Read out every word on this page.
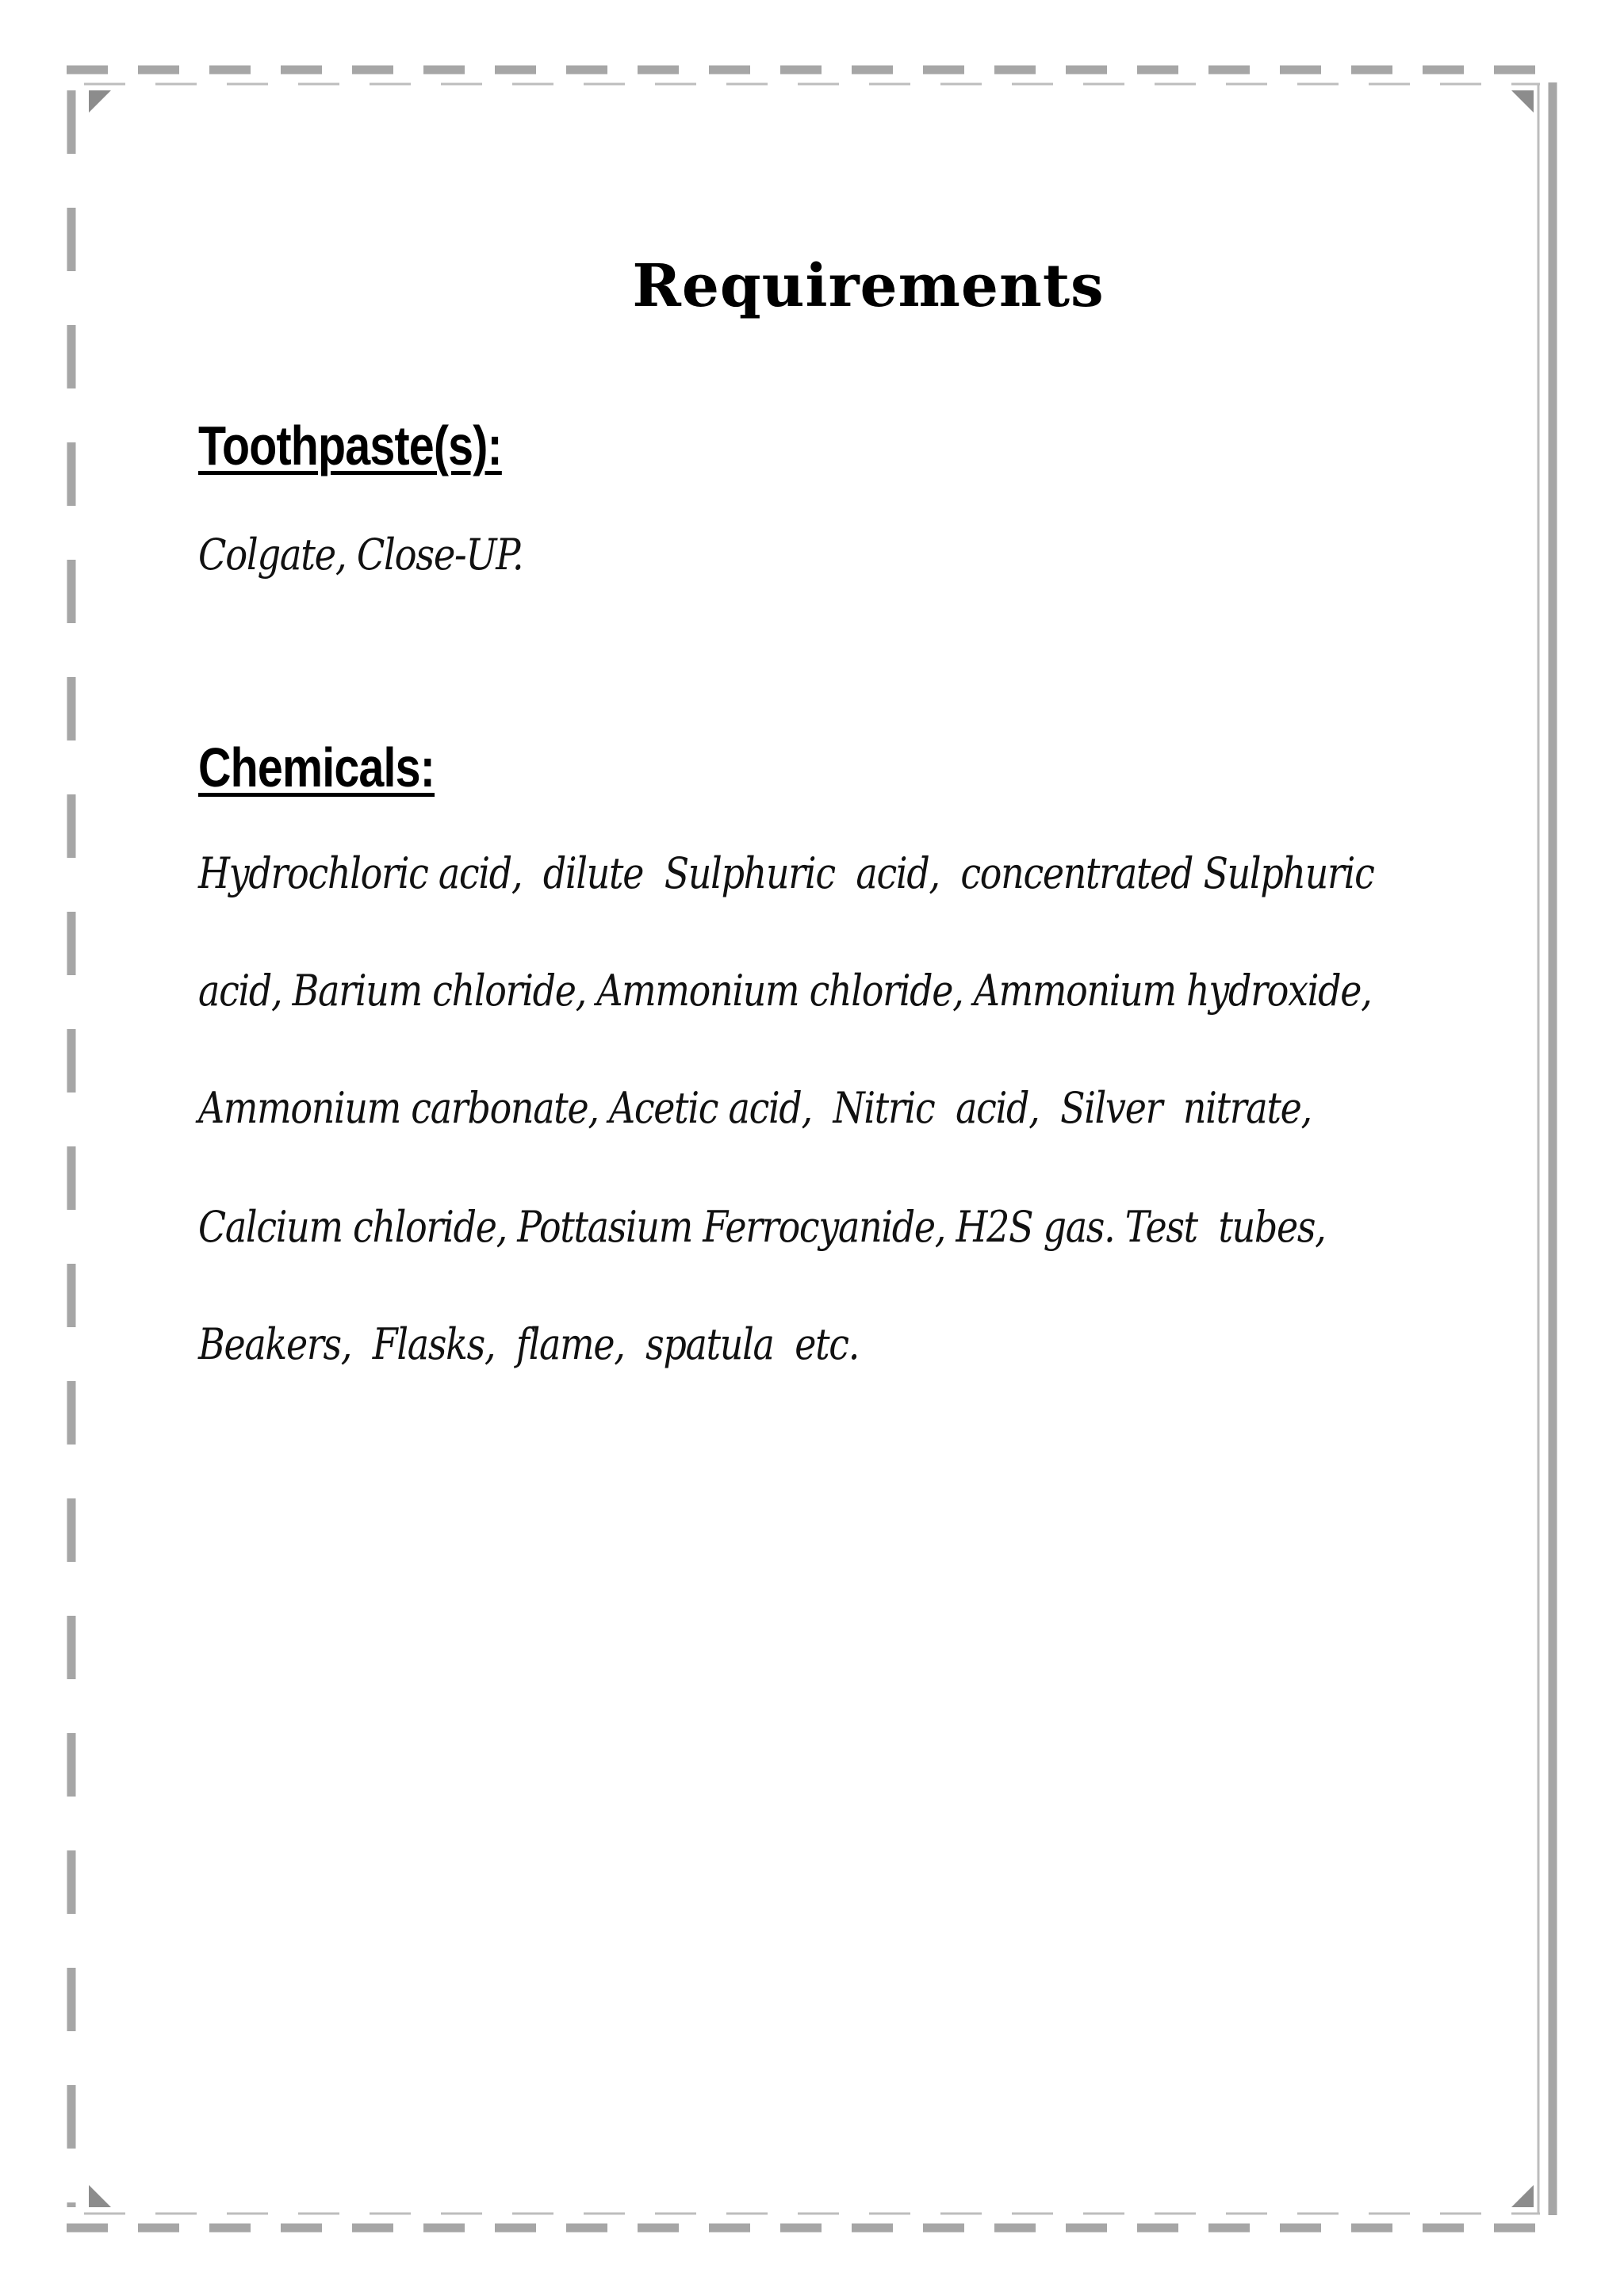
Requirements
Toothpaste(s):

Colgate, Close-UP.

Chemicals:

Hydrochloric acid,  dilute  Sulphuric  acid,  concentrated Sulphuric

acid, Barium chloride, Ammonium chloride, Ammonium hydroxide,

Ammonium carbonate, Acetic acid,  Nitric  acid,  Silver  nitrate,

Calcium chloride, Pottasium Ferrocyanide, H2S gas. Test  tubes,

Beakers,  Flasks,  flame,  spatula  etc.
